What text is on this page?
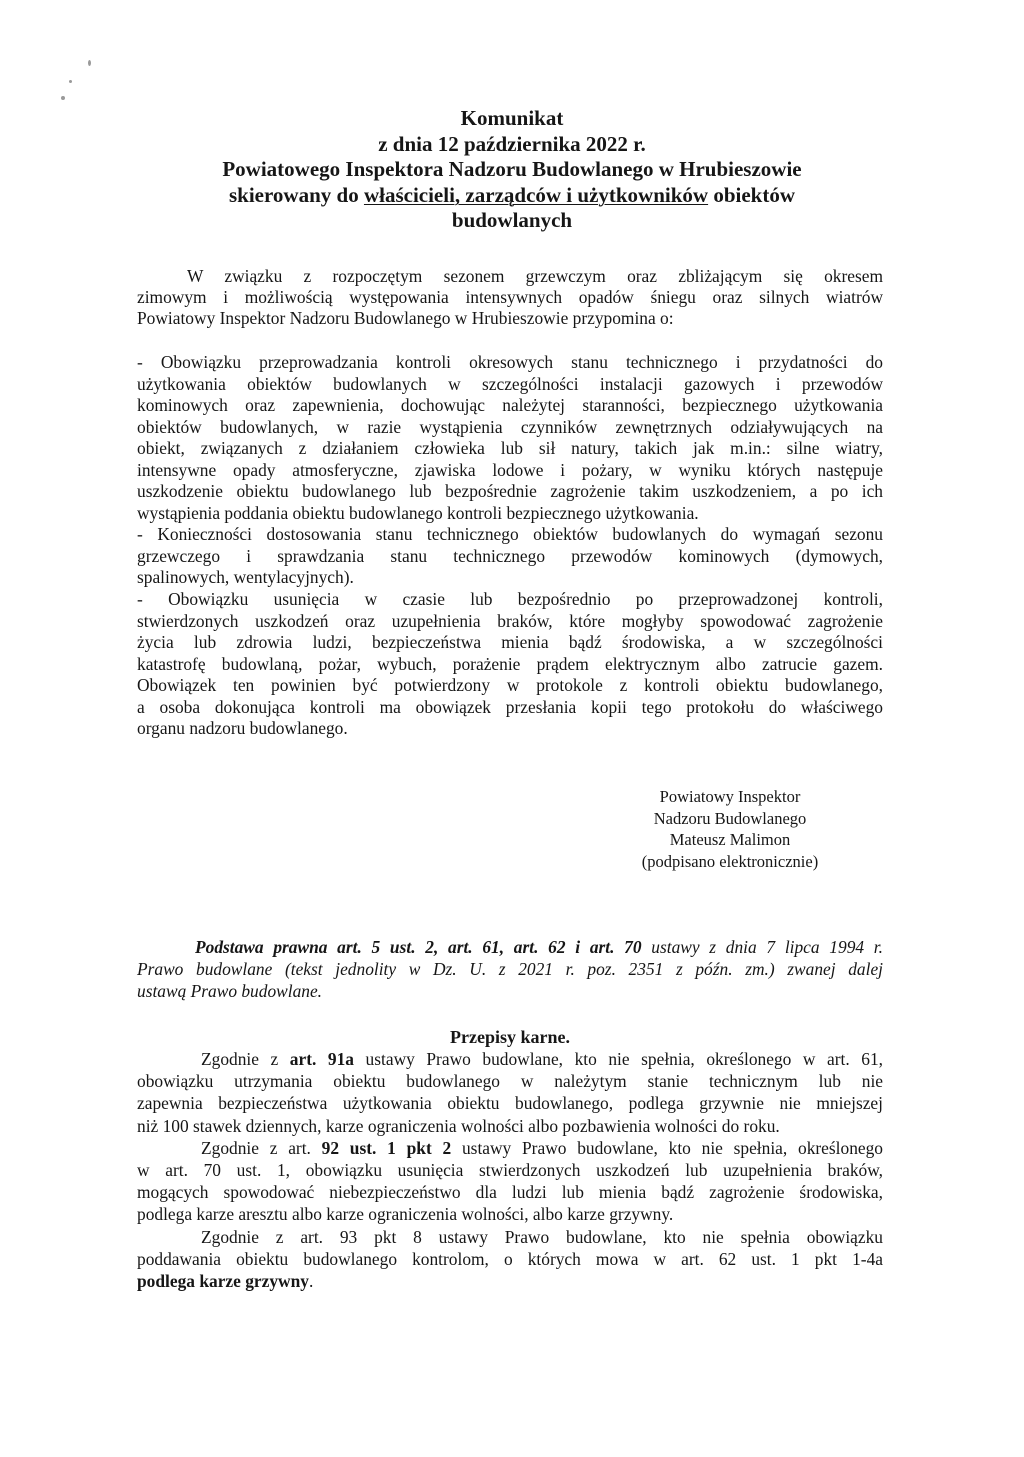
Komunikat
z dnia 12 października 2022 r.
Powiatowego Inspektora Nadzoru Budowlanego w Hrubieszowie
skierowany do właścicieli, zarządców i użytkowników obiektów
budowlanych
W związku z rozpoczętym sezonem grzewczym oraz zbliżającym się okresem
zimowym i możliwością występowania intensywnych opadów śniegu oraz silnych wiatrów
Powiatowy Inspektor Nadzoru Budowlanego w Hrubieszowie przypomina o:
- Obowiązku przeprowadzania kontroli okresowych stanu technicznego i przydatności do
użytkowania obiektów budowlanych w szczególności instalacji gazowych i przewodów
kominowych oraz zapewnienia, dochowując należytej staranności, bezpiecznego użytkowania
obiektów budowlanych, w razie wystąpienia czynników zewnętrznych odziaływujących na
obiekt, związanych z działaniem człowieka lub sił natury, takich jak m.in.: silne wiatry,
intensywne opady atmosferyczne, zjawiska lodowe i pożary, w wyniku których następuje
uszkodzenie obiektu budowlanego lub bezpośrednie zagrożenie takim uszkodzeniem, a po ich
wystąpienia poddania obiektu budowlanego kontroli bezpiecznego użytkowania.
- Konieczności dostosowania stanu technicznego obiektów budowlanych do wymagań sezonu
grzewczego i sprawdzania stanu technicznego przewodów kominowych (dymowych,
spalinowych, wentylacyjnych).
- Obowiązku usunięcia w czasie lub bezpośrednio po przeprowadzonej kontroli,
stwierdzonych uszkodzeń oraz uzupełnienia braków, które mogłyby spowodować zagrożenie
życia lub zdrowia ludzi, bezpieczeństwa mienia bądź środowiska, a w szczególności
katastrofę budowlaną, pożar, wybuch, porażenie prądem elektrycznym albo zatrucie gazem.
Obowiązek ten powinien być potwierdzony w protokole z kontroli obiektu budowlanego,
a osoba dokonująca kontroli ma obowiązek przesłania kopii tego protokołu do właściwego
organu nadzoru budowlanego.
Powiatowy Inspektor
Nadzoru Budowlanego
Mateusz Malimon
(podpisano elektronicznie)
Podstawa prawna art. 5 ust. 2, art. 61, art. 62 i art. 70 ustawy z dnia 7 lipca 1994 r.
Prawo budowlane (tekst jednolity w Dz. U. z 2021 r. poz. 2351 z późn. zm.) zwanej dalej
ustawą Prawo budowlane.
Przepisy karne.
Zgodnie z art. 91a ustawy Prawo budowlane, kto nie spełnia, określonego w art. 61,
obowiązku utrzymania obiektu budowlanego w należytym stanie technicznym lub nie
zapewnia bezpieczeństwa użytkowania obiektu budowlanego, podlega grzywnie nie mniejszej
niż 100 stawek dziennych, karze ograniczenia wolności albo pozbawienia wolności do roku.
Zgodnie z art. 92 ust. 1 pkt 2 ustawy Prawo budowlane, kto nie spełnia, określonego
w art. 70 ust. 1, obowiązku usunięcia stwierdzonych uszkodzeń lub uzupełnienia braków,
mogących spowodować niebezpieczeństwo dla ludzi lub mienia bądź zagrożenie środowiska,
podlega karze aresztu albo karze ograniczenia wolności, albo karze grzywny.
Zgodnie z art. 93 pkt 8 ustawy Prawo budowlane, kto nie spełnia obowiązku
poddawania obiektu budowlanego kontrolom, o których mowa w art. 62 ust. 1 pkt 1-4a
podlega karze grzywny.
